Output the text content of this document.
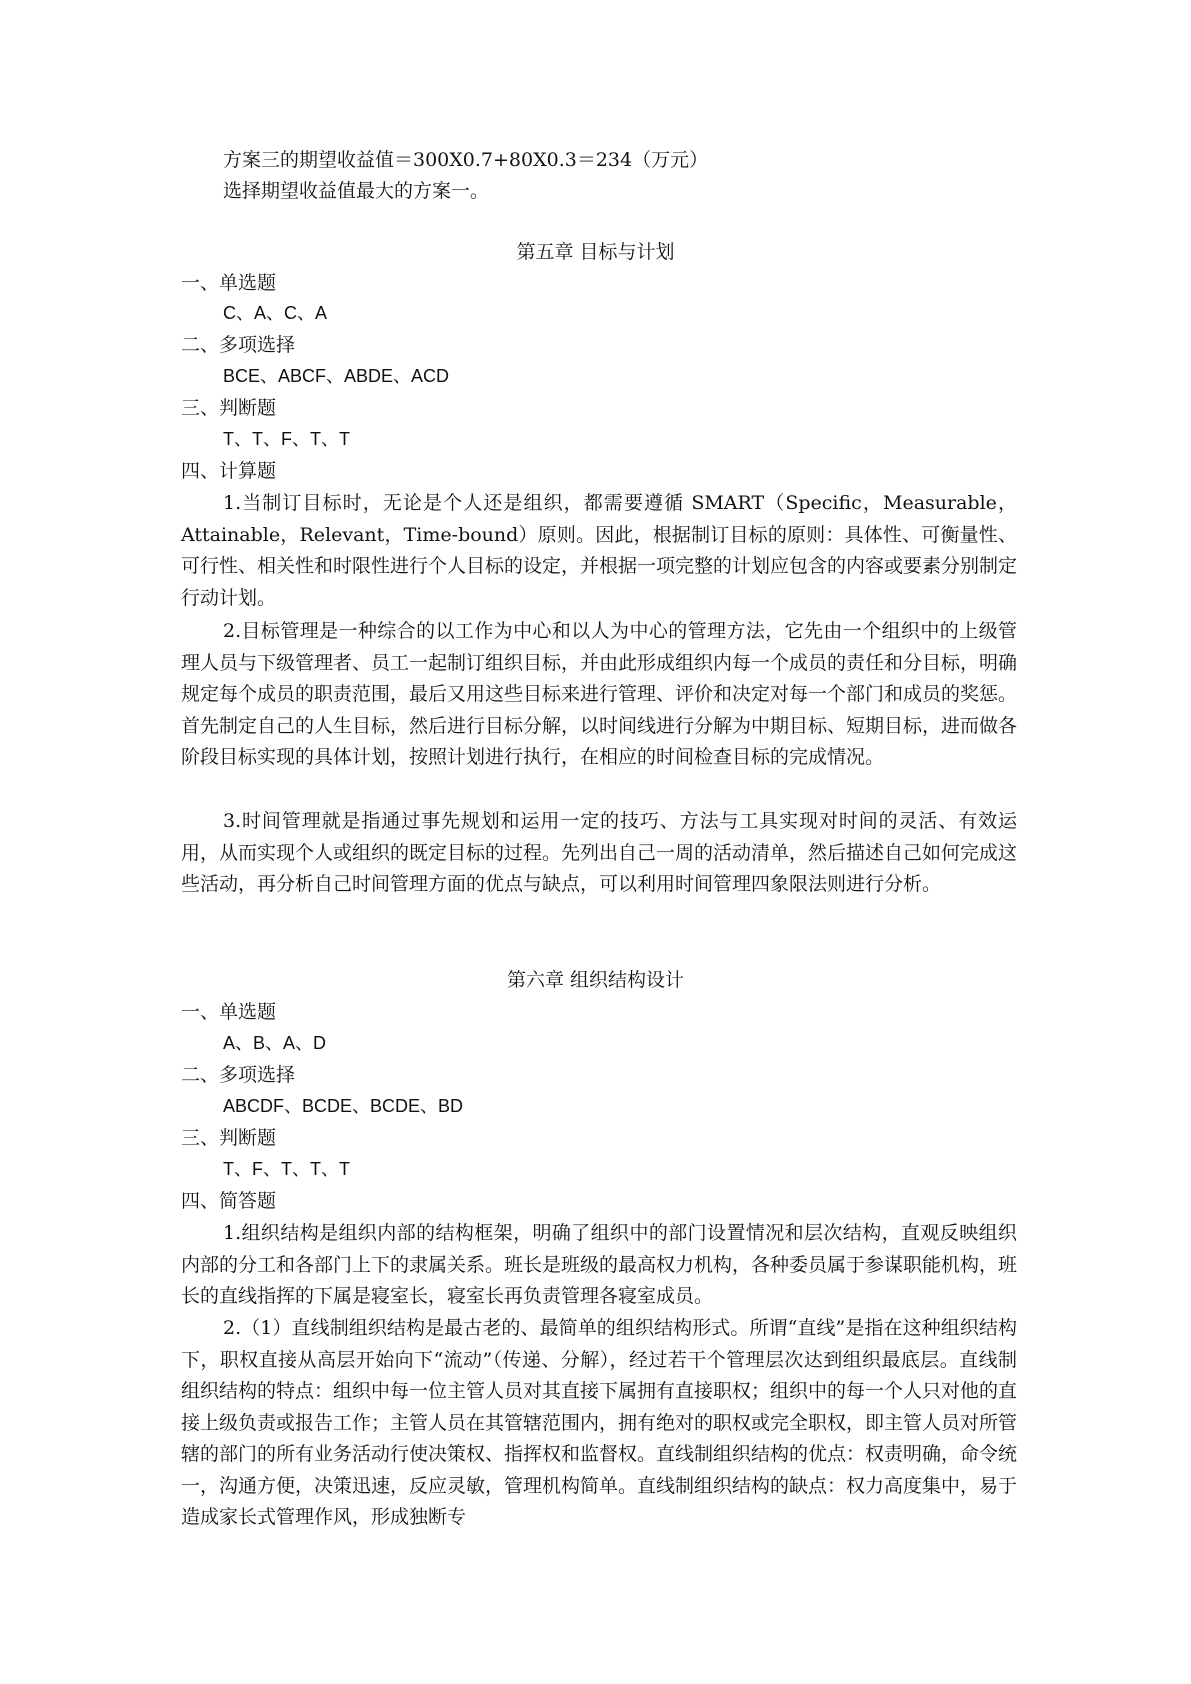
方案三的期望收益值＝300X0.7+80X0.3＝234（万元）

选择期望收益值最大的方案一。

第五章 目标与计划

一、单选题

C、A、C、A

二、多项选择

BCE、ABCF、ABDE、ACD

三、判断题

T、T、F、T、T

四、计算题

1.当制订目标时，无论是个人还是组织，都需要遵循 SMART（Specific，Measurable，Attainable，Relevant，Time-bound）原则。因此，根据制订目标的原则：具体性、可衡量性、可行性、相关性和时限性进行个人目标的设定，并根据一项完整的计划应包含的内容或要素分别制定行动计划。

2.目标管理是一种综合的以工作为中心和以人为中心的管理方法，它先由一个组织中的上级管理人员与下级管理者、员工一起制订组织目标，并由此形成组织内每一个成员的责任和分目标，明确规定每个成员的职责范围，最后又用这些目标来进行管理、评价和决定对每一个部门和成员的奖惩。首先制定自己的人生目标，然后进行目标分解，以时间线进行分解为中期目标、短期目标，进而做各阶段目标实现的具体计划，按照计划进行执行，在相应的时间检查目标的完成情况。

3.时间管理就是指通过事先规划和运用一定的技巧、方法与工具实现对时间的灵活、有效运用，从而实现个人或组织的既定目标的过程。先列出自己一周的活动清单，然后描述自己如何完成这些活动，再分析自己时间管理方面的优点与缺点，可以利用时间管理四象限法则进行分析。

第六章 组织结构设计

一、单选题

A、B、A、D

二、多项选择

ABCDF、BCDE、BCDE、BD

三、判断题

T、F、T、T、T

四、简答题

1.组织结构是组织内部的结构框架，明确了组织中的部门设置情况和层次结构，直观反映组织内部的分工和各部门上下的隶属关系。班长是班级的最高权力机构，各种委员属于参谋职能机构，班长的直线指挥的下属是寝室长，寝室长再负责管理各寝室成员。

2.（1）直线制组织结构是最古老的、最简单的组织结构形式。所谓“直线”是指在这种组织结构下，职权直接从高层开始向下“流动”（传递、分解），经过若干个管理层次达到组织最底层。直线制组织结构的特点：组织中每一位主管人员对其直接下属拥有直接职权；组织中的每一个人只对他的直接上级负责或报告工作；主管人员在其管辖范围内，拥有绝对的职权或完全职权，即主管人员对所管辖的部门的所有业务活动行使决策权、指挥权和监督权。直线制组织结构的优点：权责明确，命令统一，沟通方便，决策迅速，反应灵敏，管理机构简单。直线制组织结构的缺点：权力高度集中，易于造成家长式管理作风，形成独断专
